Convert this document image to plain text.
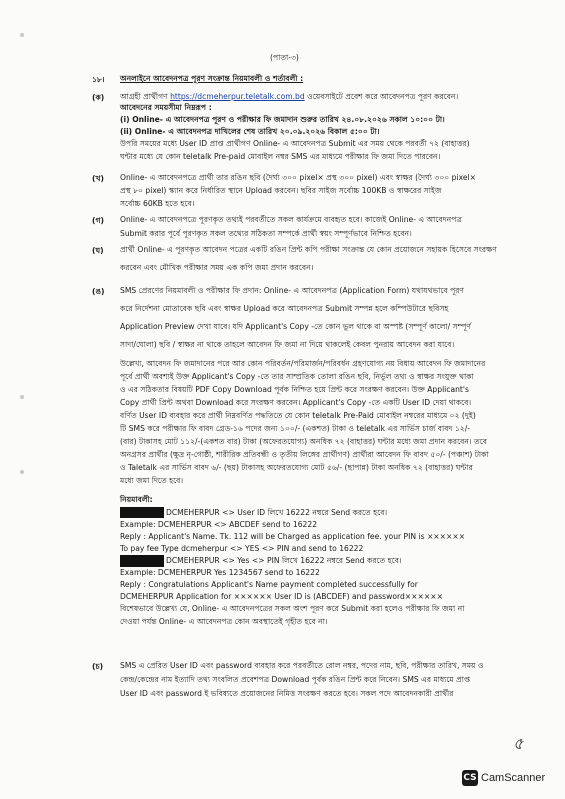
(পাতা-৩)
১৮। অনলাইনে আবেদনপত্র পূরণ সংক্রান্ত নিয়মাবলী ও শর্তাবলী :
(ক) আগ্রহী প্রার্থীগণ https://dcmeherpur.teletalk.com.bd ওয়েবসাইটে প্রবেশ করে আবেদনপত্র পূরণ করবেন।
আবেদনের সময়সীমা নিম্নরূপ :
(i) Online- এ আবেদনপত্র পূরণ ও পরীক্ষার ফি জমাদান শুরুর তারিখ ২৪.০৮.২০২৬ সকাল ১০:০০ টা।
(ii) Online- এ আবেদনপত্র দাখিলের শেষ তারিখ ২০.০৯.২০২৬ বিকাল ৫:০০ টা।
উপরি সময়ের মধ্যে User ID প্রাপ্ত প্রার্থীগণ Online- এ আবেদনপত্র Submit এর সময় থেকে পরবর্তী ৭২ (বাহাত্তর)
ঘন্টার মধ্যে যে কোন teletalk Pre-paid মোবাইল নম্বর SMS এর মাধ্যমে পরীক্ষার ফি জমা দিতে পারবেন।
(খ) Online- এ আবেদনপত্রে প্রার্থী তার রঙিন ছবি (দৈর্ঘ্য ৩০০ pixel× প্রস্থ ৩০০ pixel) এবং স্বাক্ষর (দৈর্ঘ্য ৩০০ pixel×
প্রস্থ ৮০ pixel) স্ক্যান করে নির্ধারিত স্থানে Upload করবেন। ছবির সাইজ সর্বোচ্চ 100KB ও স্বাক্ষরের সাইজ
সর্বোচ্চ 60KB হতে হবে।
(গ) Online- এ আবেদনপত্রে পূরণকৃত তথ্যই পরবর্তীতে সকল কার্যক্রমে ব্যবহৃত হবে। কাজেই Online- এ আবেদনপত্র
Submit করার পূর্বে পূরণকৃত সকল তথ্যের সঠিকতা সম্পর্কে প্রার্থী স্বয়ং সম্পূর্ণভাবে নিশ্চিত হবেন।
(ঘ) প্রার্থী Online- এ পূরণকৃত আবেদন পত্রের একটি রঙিন প্রিন্ট কপি পরীক্ষা সংক্রান্ত যে কোন প্রয়োজনে সহায়ক হিসেবে সংরক্ষণ
করবেন এবং মৌখিক পরীক্ষার সময় এক কপি জমা প্রদান করবেন।
(ঙ) SMS প্রেরণের নিয়মাবলী ও পরীক্ষার ফি প্রদান: Online- এ আবেদনপত্র (Application Form) যথাযথভাবে পূরণ
করে নির্দেশনা মোতাবেক ছবি এবং স্বাক্ষর Upload করে আবেদনপত্র Submit সম্পন্ন হলে কম্পিউটারে ছবিসহ
Application Preview দেখা যাবে। যদি Applicant's Copy -তে কোন ভুল থাকে বা অস্পষ্ট (সম্পূর্ণ কালো/ সম্পূর্ণ
সাদা/ঘোলা) ছবি / স্বাক্ষর না থাকে তাহলে আবেদন ফি জমা না দিয়ে থাকলেই কেবল পুনরায় আবেদন করা যাবে।
উল্লেখ্য, আবেদন ফি জমাদানের পরে আর কোন পরিবর্তন/পরিমার্জন/পরিবর্ধন গ্রহণযোগ্য নয় বিধায় আবেদন ফি জমাদানের
পূর্বে প্রার্থী অবশ্যই উক্ত Applicant's Copy -তে তার সাম্প্রতিক তোলা রঙিন ছবি, নির্ভুল তথ্য ও স্বাক্ষর সংযুক্ত থাকা
ও এর সঠিকতার বিষয়টি PDF Copy Download পূর্বক নিশ্চিত হয়ে প্রিন্ট করে সংরক্ষণ করবেন। উক্ত Applicant's
Copy প্রার্থী প্রিন্ট অথবা Download করে সংরক্ষণ করবেন। Applicant's Copy -তে একটি User ID দেয়া থাকবে।
বর্ণিত User ID ব্যবহার করে প্রার্থী নিম্নবর্ণিত পদ্ধতিতে যে কোন teletalk Pre-Paid মোবাইল নম্বরের মাধ্যমে ০২ (দুই)
টি SMS করে পরীক্ষার ফি বাবদ গ্রেড-১৬ পদের জন্য ১০০/- (একশত) টাকা ও teletalk এর সার্ভিস চার্জ বাবদ ১২/-
(বার) টাকাসহ মোট ১১২/-(একশত বার) টাকা (অফেরতযোগ্য) অনধিক ৭২ (বাহাত্তর) ঘন্টার মধ্যে জমা প্রদান করবেন। তবে
অনগ্রসর প্রার্থীর (ক্ষুদ্র নৃ-গোষ্ঠী, শারীরিক প্রতিবন্ধী ও তৃতীয় লিঙ্গের প্রার্থীগণ) প্রার্থীরা আবেদন ফি বাবদ ৫০/- (পঞ্চাশ) টাকা
ও Taletalk এর সার্ভিস বাবদ ৬/- (ছয়) টাকাসহ অফেরতযোগ্য মোট ৫৬/- (ছাপান্ন) টাকা অনধিক ৭২ (বাহাত্তর) ঘন্টার
মধ্যে জমা দিতে হবে।
নিয়মাবলী:
DCMEHERPUR <> User ID লিখে 16222 নম্বরে Send করতে হবে।
Example: DCMEHERPUR <> ABCDEF send to 16222
Reply : Applicant's Name. Tk. 112 will be Charged as application fee. your PIN is ××××××
To pay fee Type dcmeherpur <> YES <> PIN and send to 16222
DCMEHERPUR <> Yes <> PIN লিখে 16222 নম্বরে Send করতে হবে।
Example: DCMEHERPUR Yes 1234567 send to 16222
Reply : Congratulations Applicant's Name payment completed successfully for
DCMEHERPUR Application for ×××××× User ID is (ABCDEF) and password××××××
বিশেষভাবে উল্লেখ্য যে, Online- এ আবেদনপত্রের সকল অংশ পূরণ করে Submit করা হলেও পরীক্ষার ফি জমা না
দেওয়া পর্যন্ত Online- এ আবেদনপত্র কোন অবস্থাতেই গৃহীত হবে না।
(চ) SMS এ প্রেরিত User ID এবং password ব্যবহার করে পরবর্তীতে রোল নম্বর, পদের নাম, ছবি, পরীক্ষার তারিখ, সময় ও
কেন্দ্র/কেন্দ্রের নাম ইত্যাদি তথ্য সংবলিত প্রবেশপত্র Download পূর্বক রঙিন প্রিন্ট করে নিবেন। SMS এর মাধ্যমে প্রাপ্ত
User ID এবং password ই ভবিষ্যতে প্রয়োজনের নিমিত্ত সংরক্ষণ করতে হবে। সকল পদে আবেদনকারী প্রার্থীর
৫
CS CamScanner
